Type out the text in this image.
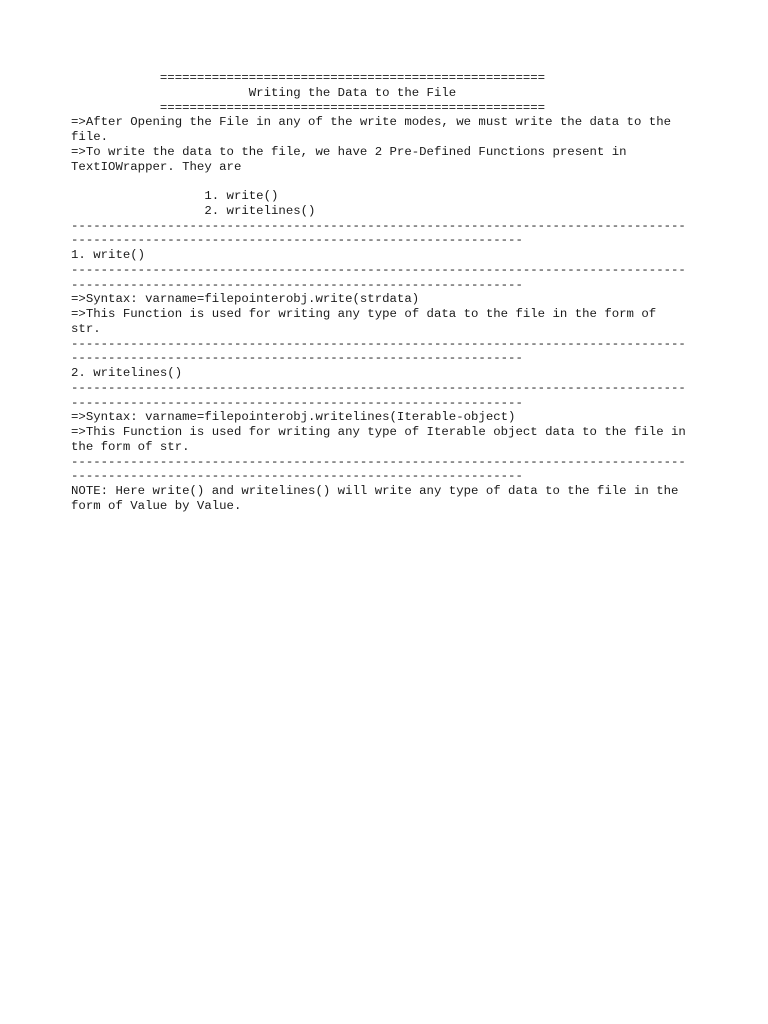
====================================================
Writing the Data to the File
====================================================
=>After Opening the File in any of the write modes, we must write the data to the
file.
=>To write the data to the file, we have 2 Pre-Defined Functions present in
TextIOWrapper. They are
1. write()
2. writelines()
-----------------------------------------------------------------------------------
-------------------------------------------------------------
1. write()
-----------------------------------------------------------------------------------
-------------------------------------------------------------
=>Syntax: varname=filepointerobj.write(strdata)
=>This Function is used for writing any type of data to the file in the form of
str.
-----------------------------------------------------------------------------------
-------------------------------------------------------------
2. writelines()
-----------------------------------------------------------------------------------
-------------------------------------------------------------
=>Syntax: varname=filepointerobj.writelines(Iterable-object)
=>This Function is used for writing any type of Iterable object data to the file in
the form of str.
-----------------------------------------------------------------------------------
-------------------------------------------------------------
NOTE: Here write() and writelines() will write any type of data to the file in the
form of Value by Value.
